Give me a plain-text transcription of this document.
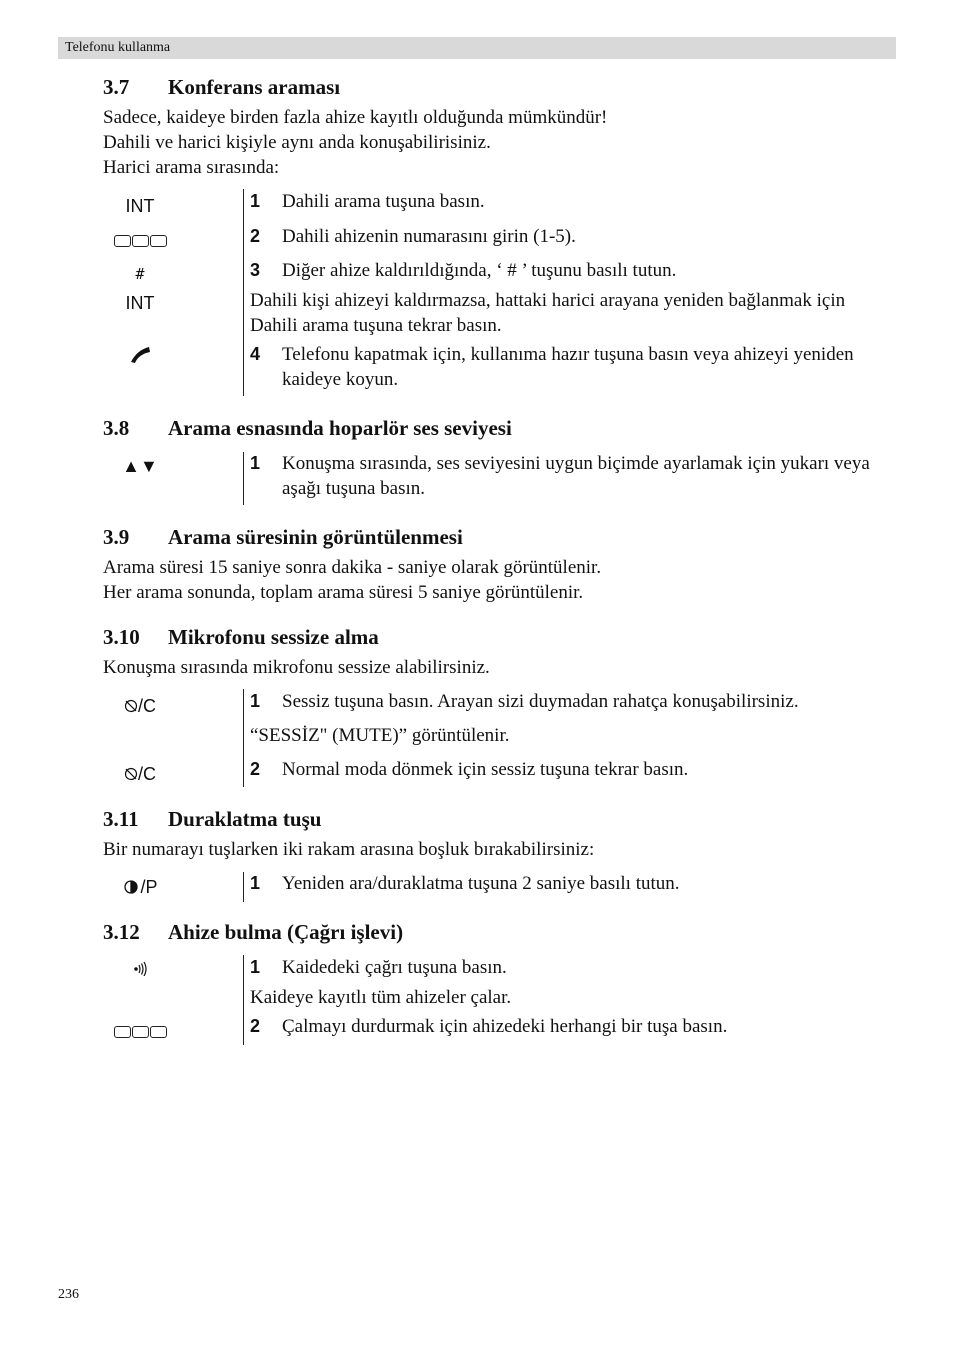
Telefonu kullanma
3.7 Konferans araması
Sadece, kaideye birden fazla ahize kayıtlı olduğunda mümkündür!
Dahili ve harici kişiyle aynı anda konuşabilirisiniz.
Harici arama sırasında:
INT
#
INT
1 Dahili arama tuşuna basın.
2 Dahili ahizenin numarasını girin (1-5).
3 Diğer ahize kaldırıldığında, ‘ # ’ tuşunu basılı tutun.
Dahili kişi ahizeyi kaldırmazsa, hattaki harici arayana yeniden bağlanmak için Dahili arama tuşuna tekrar basın.
4 Telefonu kapatmak için, kullanıma hazır tuşuna basın veya ahizeyi yeniden kaideye koyun.
3.8 Arama esnasında hoparlör ses seviyesi
▲▼	1 Konuşma sırasında, ses seviyesini uygun biçimde ayarlamak için yukarı veya aşağı tuşuna basın.
3.9 Arama süresinin görüntülenmesi
Arama süresi 15 saniye sonra dakika - saniye olarak görüntülenir.
Her arama sonunda, toplam arama süresi 5 saniye görüntülenir.
3.10 Mikrofonu sessize alma
Konuşma sırasında mikrofonu sessize alabilirsiniz.
/C
/C
1 Sessiz tuşuna basın. Arayan sizi duymadan rahatça konuşabilirsiniz.
“SESSİZ" (MUTE)” görüntülenir.
2 Normal moda dönmek için sessiz tuşuna tekrar basın.
3.11 Duraklatma tuşu
Bir numarayı tuşlarken iki rakam arasına boşluk bırakabilirsiniz:
/P	1 Yeniden ara/duraklatma tuşuna 2 saniye basılı tutun.
3.12 Ahize bulma (Çağrı işlevi)
1 Kaidedeki çağrı tuşuna basın.
Kaideye kayıtlı tüm ahizeler çalar.
2 Çalmayı durdurmak için ahizedeki herhangi bir tuşa basın.
236
